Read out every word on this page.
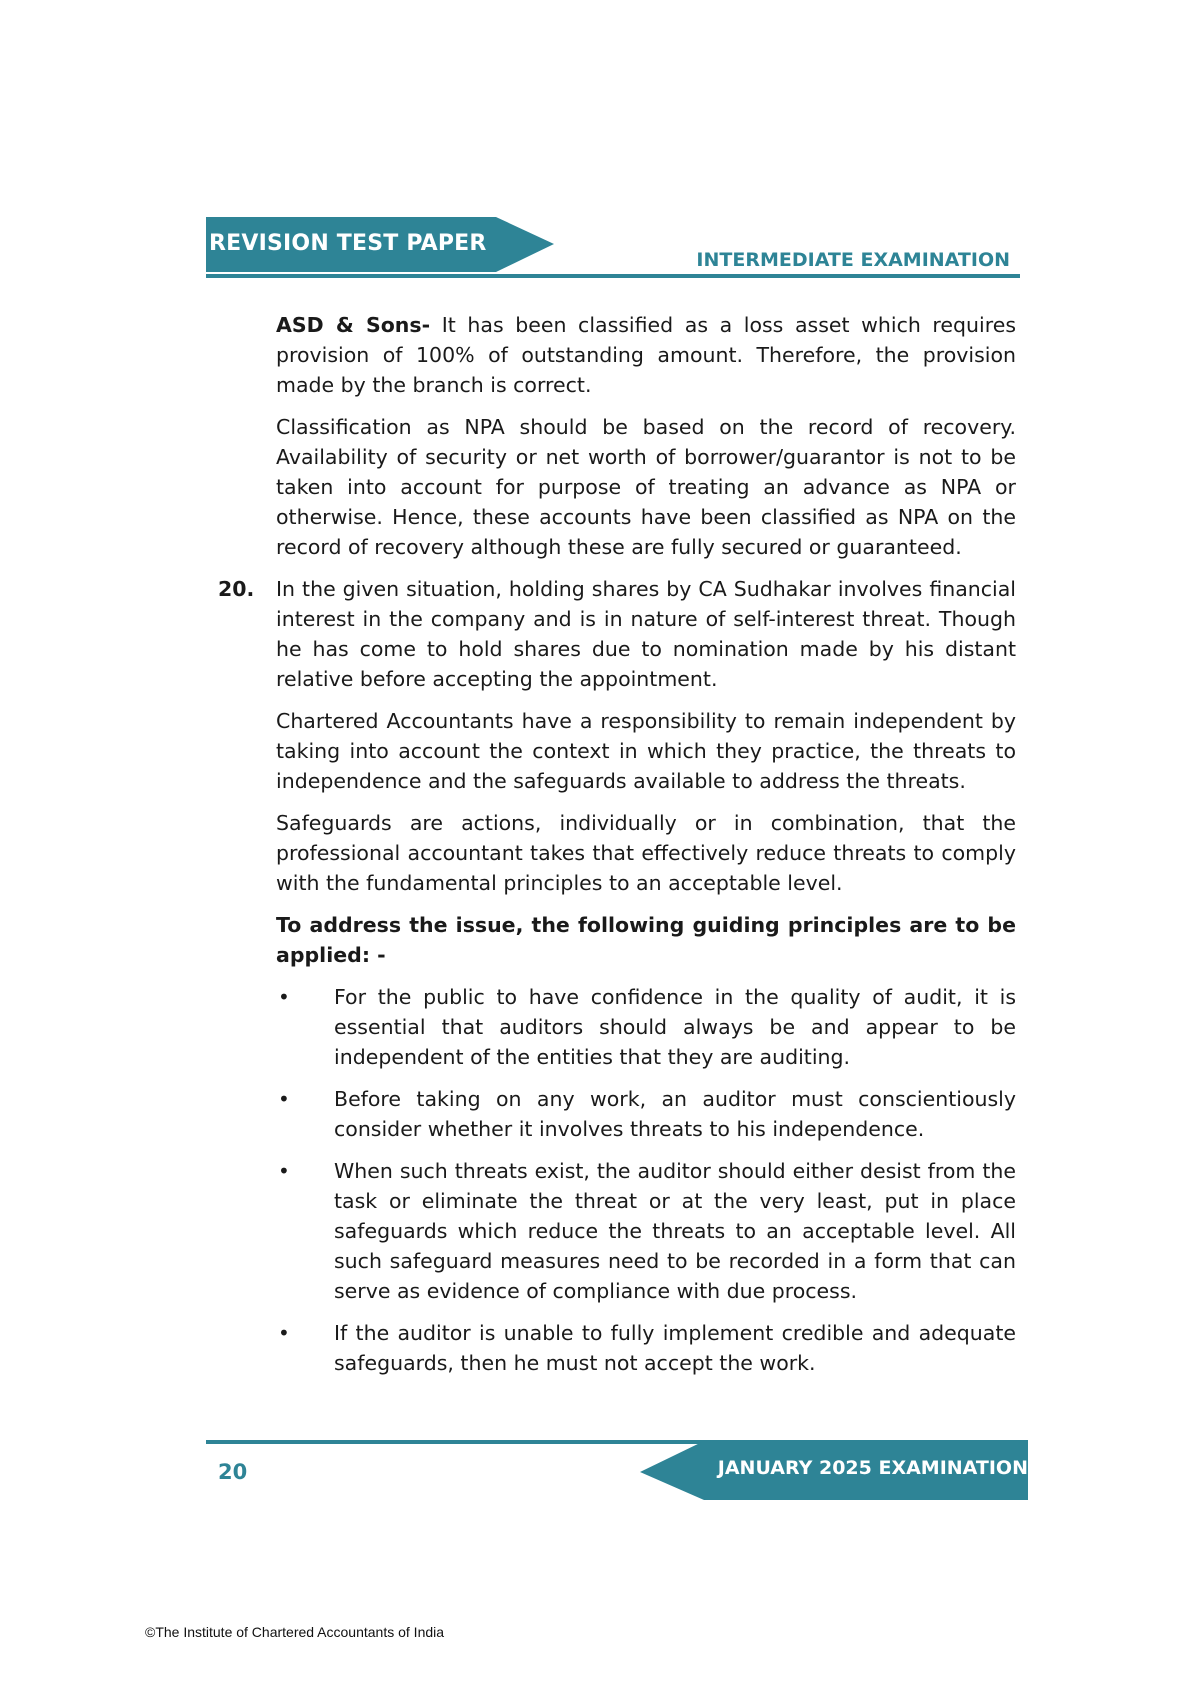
REVISION TEST PAPER
INTERMEDIATE EXAMINATION

ASD & Sons- It has been classified as a loss asset which requires provision of 100% of outstanding amount. Therefore, the provision made by the branch is correct.

Classification as NPA should be based on the record of recovery. Availability of security or net worth of borrower/guarantor is not to be taken into account for purpose of treating an advance as NPA or otherwise. Hence, these accounts have been classified as NPA on the record of recovery although these are fully secured or guaranteed.

20.	In the given situation, holding shares by CA Sudhakar involves financial interest in the company and is in nature of self-interest threat. Though he has come to hold shares due to nomination made by his distant relative before accepting the appointment.

Chartered Accountants have a responsibility to remain independent by taking into account the context in which they practice, the threats to independence and the safeguards available to address the threats.

Safeguards are actions, individually or in combination, that the professional accountant takes that effectively reduce threats to comply with the fundamental principles to an acceptable level.

To address the issue, the following guiding principles are to be applied: -

• For the public to have confidence in the quality of audit, it is essential that auditors should always be and appear to be independent of the entities that they are auditing.
• Before taking on any work, an auditor must conscientiously consider whether it involves threats to his independence.
• When such threats exist, the auditor should either desist from the task or eliminate the threat or at the very least, put in place safeguards which reduce the threats to an acceptable level. All such safeguard measures need to be recorded in a form that can serve as evidence of compliance with due process.
• If the auditor is unable to fully implement credible and adequate safeguards, then he must not accept the work.
JANUARY 2025 EXAMINATION
20
©The Institute of Chartered Accountants of India
